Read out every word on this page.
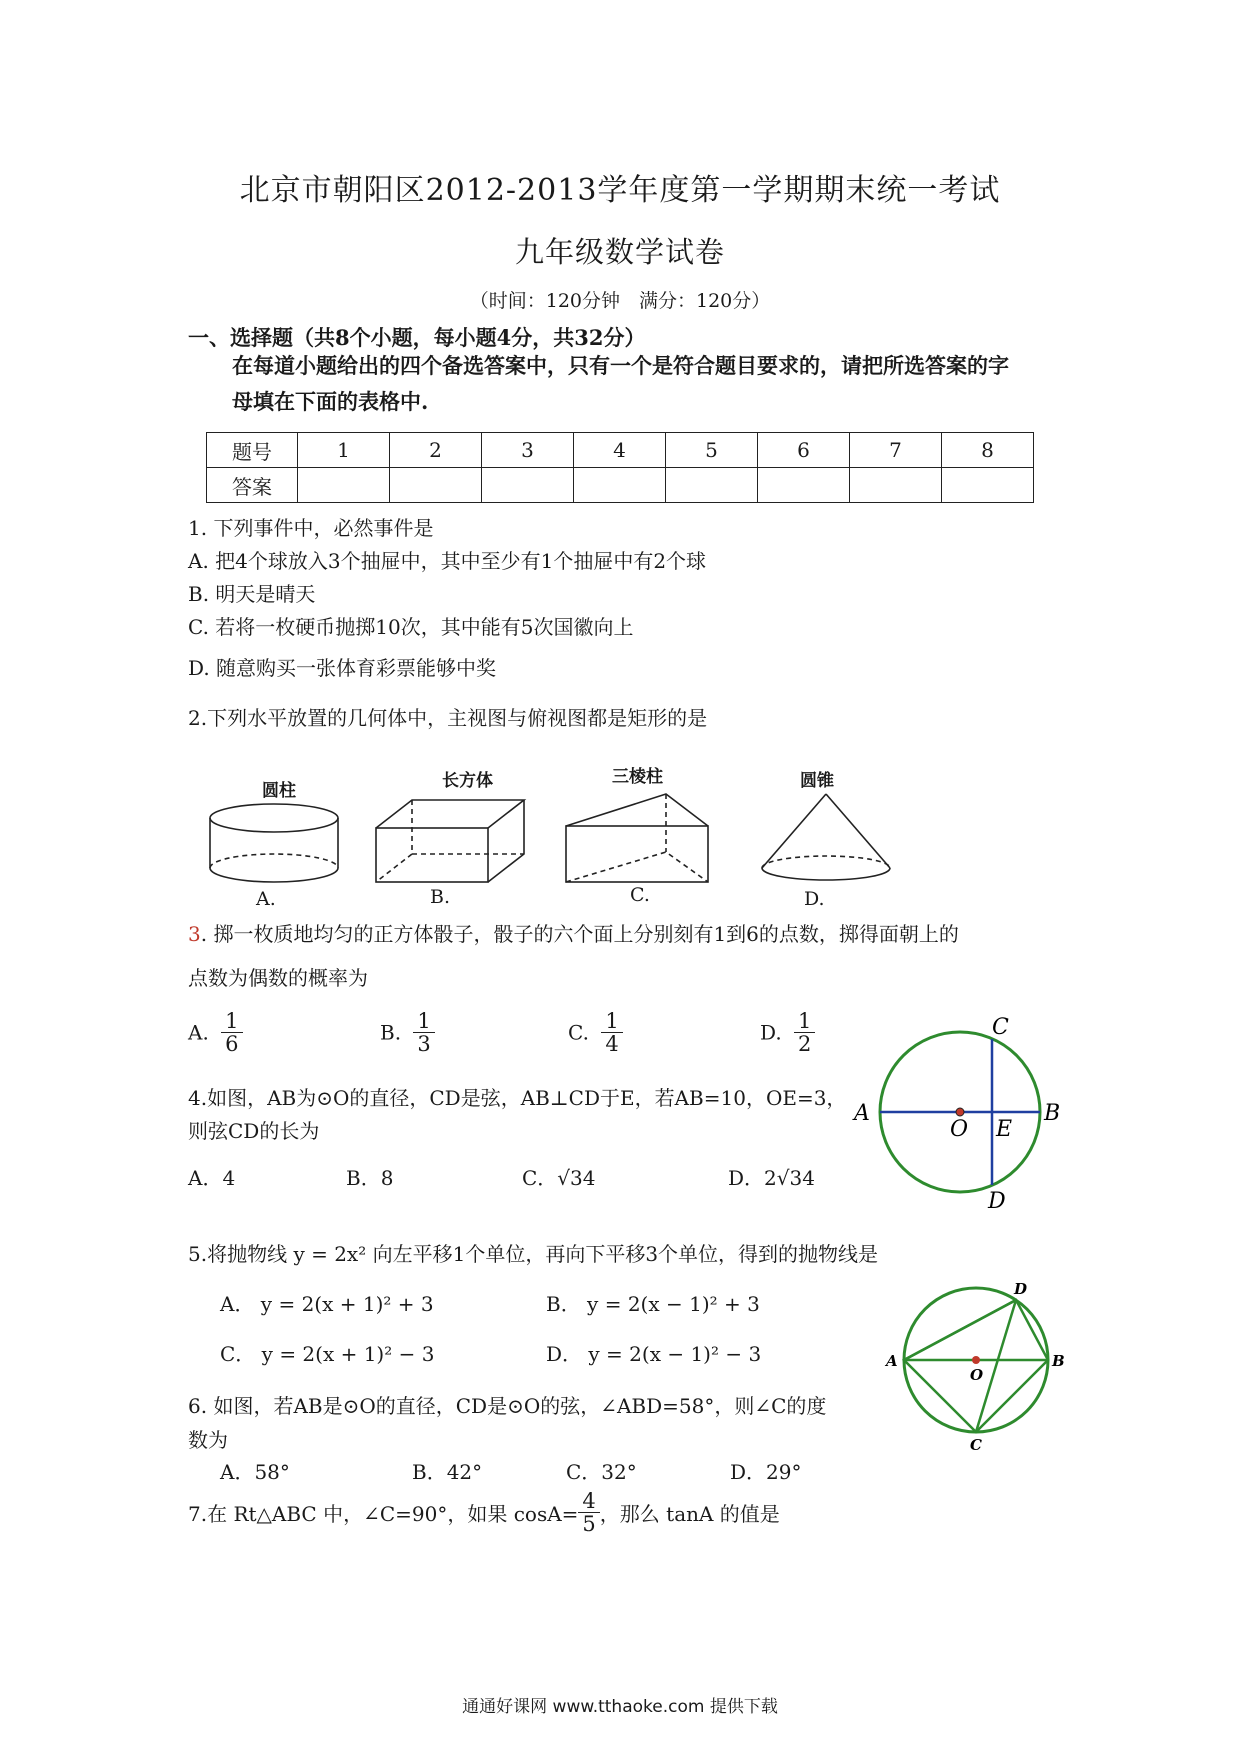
北京市朝阳区2012-2013学年度第一学期期末统一考试
九年级数学试卷
（时间：120分钟　满分：120分）
一、选择题（共8个小题，每小题4分，共32分）
在每道小题给出的四个备选答案中，只有一个是符合题目要求的，请把所选答案的字
母填在下面的表格中.
题号	1	2	3	4	5	6	7	8
答案								
1. 下列事件中，必然事件是
A. 把4个球放入3个抽屉中，其中至少有1个抽屉中有2个球
B. 明天是晴天
C. 若将一枚硬币抛掷10次，其中能有5次国徽向上
D. 随意购买一张体育彩票能够中奖
2.下列水平放置的几何体中，主视图与俯视图都是矩形的是
圆柱	长方体	三棱柱	圆锥
A.	B.	C.	D.
3. 掷一枚质地均匀的正方体骰子，骰子的六个面上分别刻有1到6的点数，掷得面朝上的
点数为偶数的概率为
A. $\frac{1}{6}$	B. $\frac{1}{3}$	C. $\frac{1}{4}$	D. $\frac{1}{2}$
A	B
C
D
O E
4.如图，AB为⊙O的直径，CD是弦，AB⊥CD于E，若AB=10，OE=3，
则弦CD的长为
A．4	B．8	C．√34	D．2√34
5.将抛物线 y = 2x² 向左平移1个单位，再向下平移3个单位，得到的抛物线是
A． y = 2(x + 1)² + 3	B． y = 2(x − 1)² + 3
C． y = 2(x + 1)² − 3	D． y = 2(x − 1)² − 3	A	B
D
C
O
6. 如图，若AB是⊙O的直径，CD是⊙O的弦，∠ABD=58°，则∠C的度
数为
A．58°	B．42°	C．32°	D．29°
7.在 Rt△ABC 中，∠C=90°，如果 $\cos A= \frac{4}{5}$ ，那么 tanA 的值是
通通好课网 www.tthaoke.com 提供下载
